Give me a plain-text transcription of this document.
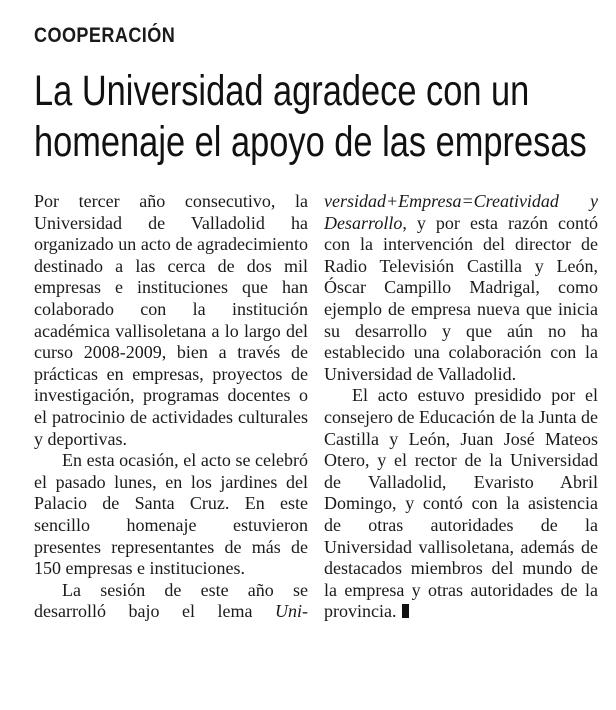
COOPERACIÓN
La Universidad agradece con un
homenaje el apoyo de las empresas

Por tercer año consecutivo, la Universidad de Valladolid ha organizado un acto de agradecimiento destinado a las cerca de dos mil empresas e instituciones que han colaborado con la institución académica vallisoletana a lo largo del curso 2008-2009, bien a través de prácticas en empresas, proyectos de investigación, programas docentes o el patrocinio de actividades culturales y deportivas.

En esta ocasión, el acto se celebró el pasado lunes, en los jardines del Palacio de Santa Cruz. En este sencillo homenaje estuvieron presentes representantes de más de 150 empresas e instituciones.

La sesión de este año se desarrolló bajo el lema Uni-

versidad+Empresa=Creatividad y Desarrollo, y por esta razón contó con la intervención del director de Radio Televisión Castilla y León, Óscar Campillo Madrigal, como ejemplo de empresa nueva que inicia su desarrollo y que aún no ha establecido una colaboración con la Universidad de Valladolid.

El acto estuvo presidido por el consejero de Educación de la Junta de Castilla y León, Juan José Mateos Otero, y el rector de la Universidad de Valladolid, Evaristo Abril Domingo, y contó con la asistencia de otras autoridades de la Universidad vallisoletana, además de destacados miembros del mundo de la empresa y otras autoridades de la provincia.
